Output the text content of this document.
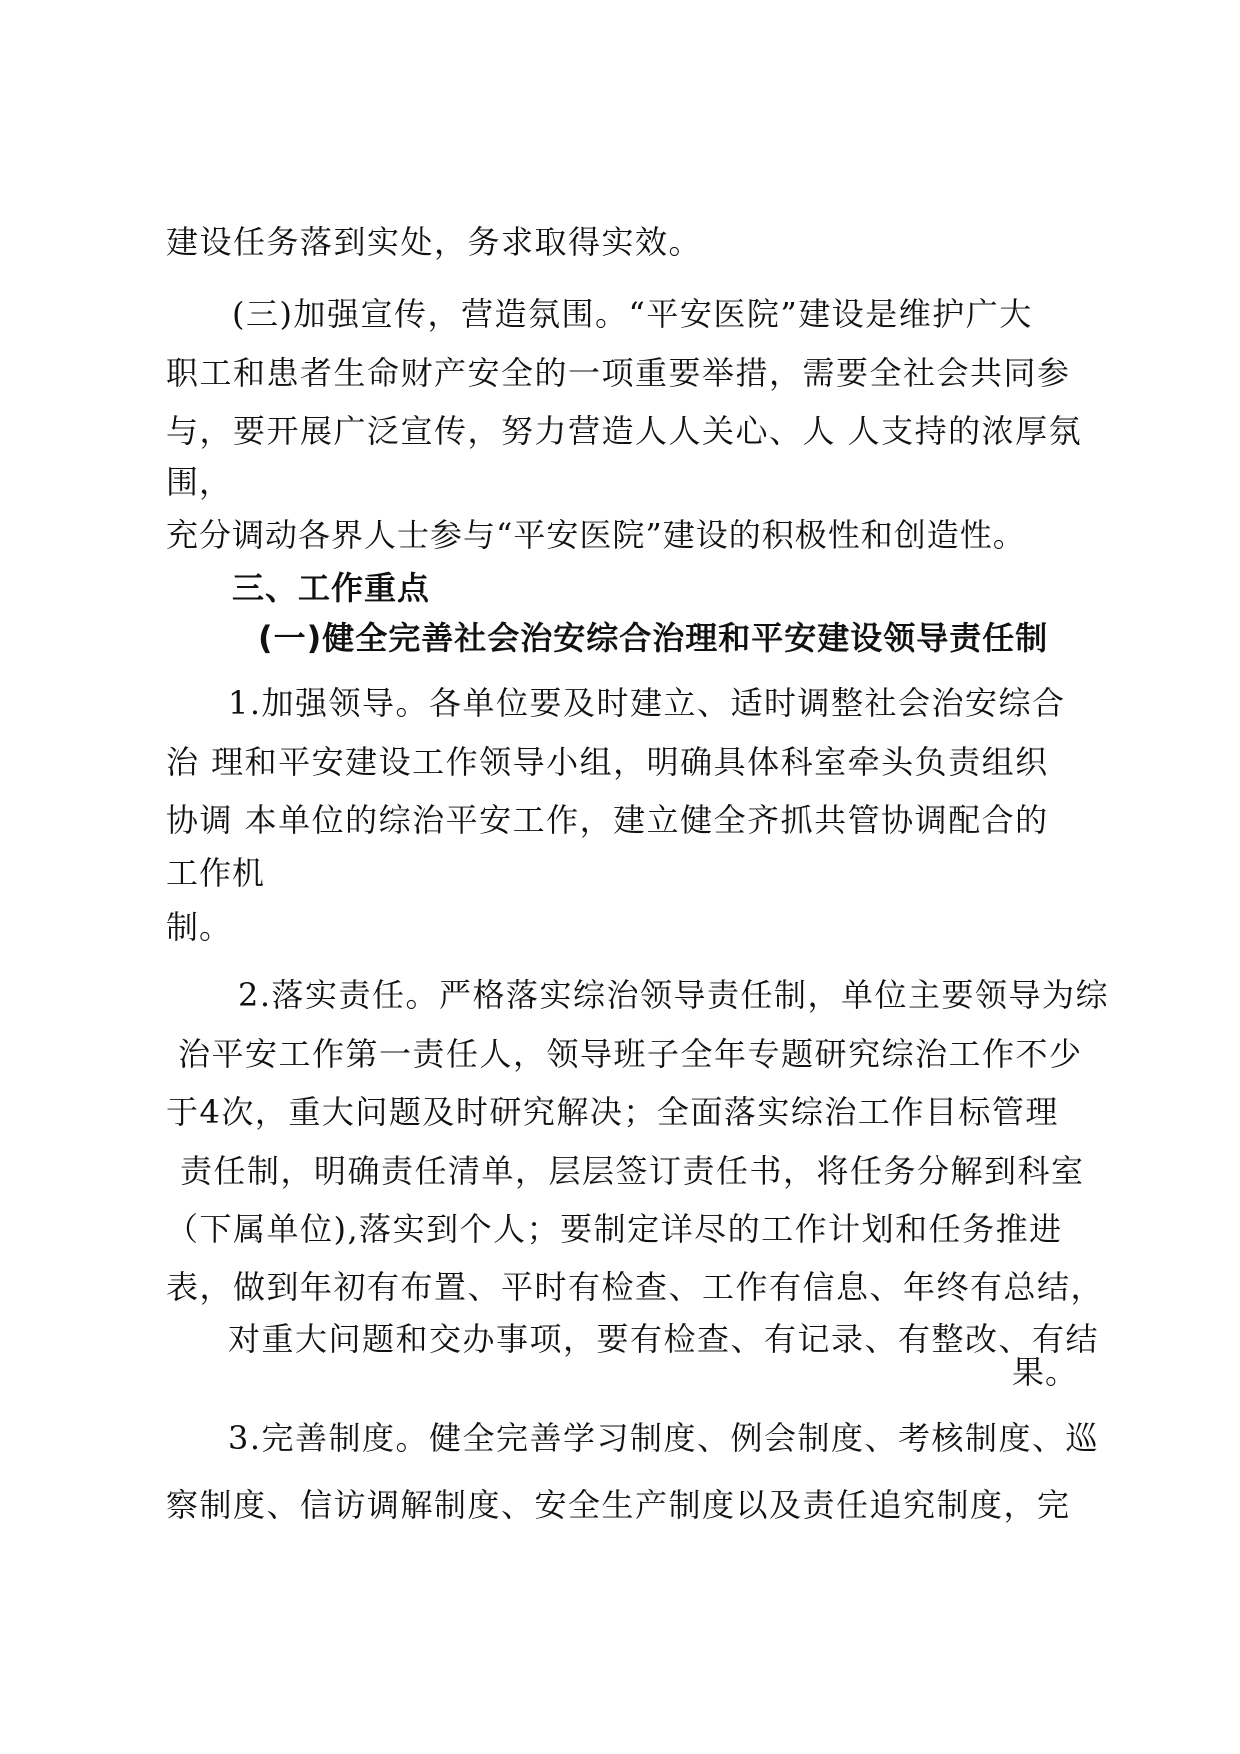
建设任务落到实处，务求取得实效。
(三)加强宣传，营造氛围。“平安医院”建设是维护广大
职工和患者生命财产安全的一项重要举措，需要全社会共同参
与，要开展广泛宣传，努力营造人人关心、人 人支持的浓厚氛
围，
充分调动各界人士参与“平安医院”建设的积极性和创造性。
三、工作重点
(一)健全完善社会治安综合治理和平安建设领导责任制
1.加强领导。各单位要及时建立、适时调整社会治安综合
治 理和平安建设工作领导小组，明确具体科室牵头负责组织
协调 本单位的综治平安工作，建立健全齐抓共管协调配合的
工作机
制。
2.落实责任。严格落实综治领导责任制，单位主要领导为综
治平安工作第一责任人，领导班子全年专题研究综治工作不少
于4次，重大问题及时研究解决；全面落实综治工作目标管理
责任制，明确责任清单，层层签订责任书，将任务分解到科室
（下属单位),落实到个人；要制定详尽的工作计划和任务推进
表，做到年初有布置、平时有检查、工作有信息、年终有总结，
对重大问题和交办事项，要有检查、有记录、有整改、有结
果。
3.完善制度。健全完善学习制度、例会制度、考核制度、巡
察制度、信访调解制度、安全生产制度以及责任追究制度，完
